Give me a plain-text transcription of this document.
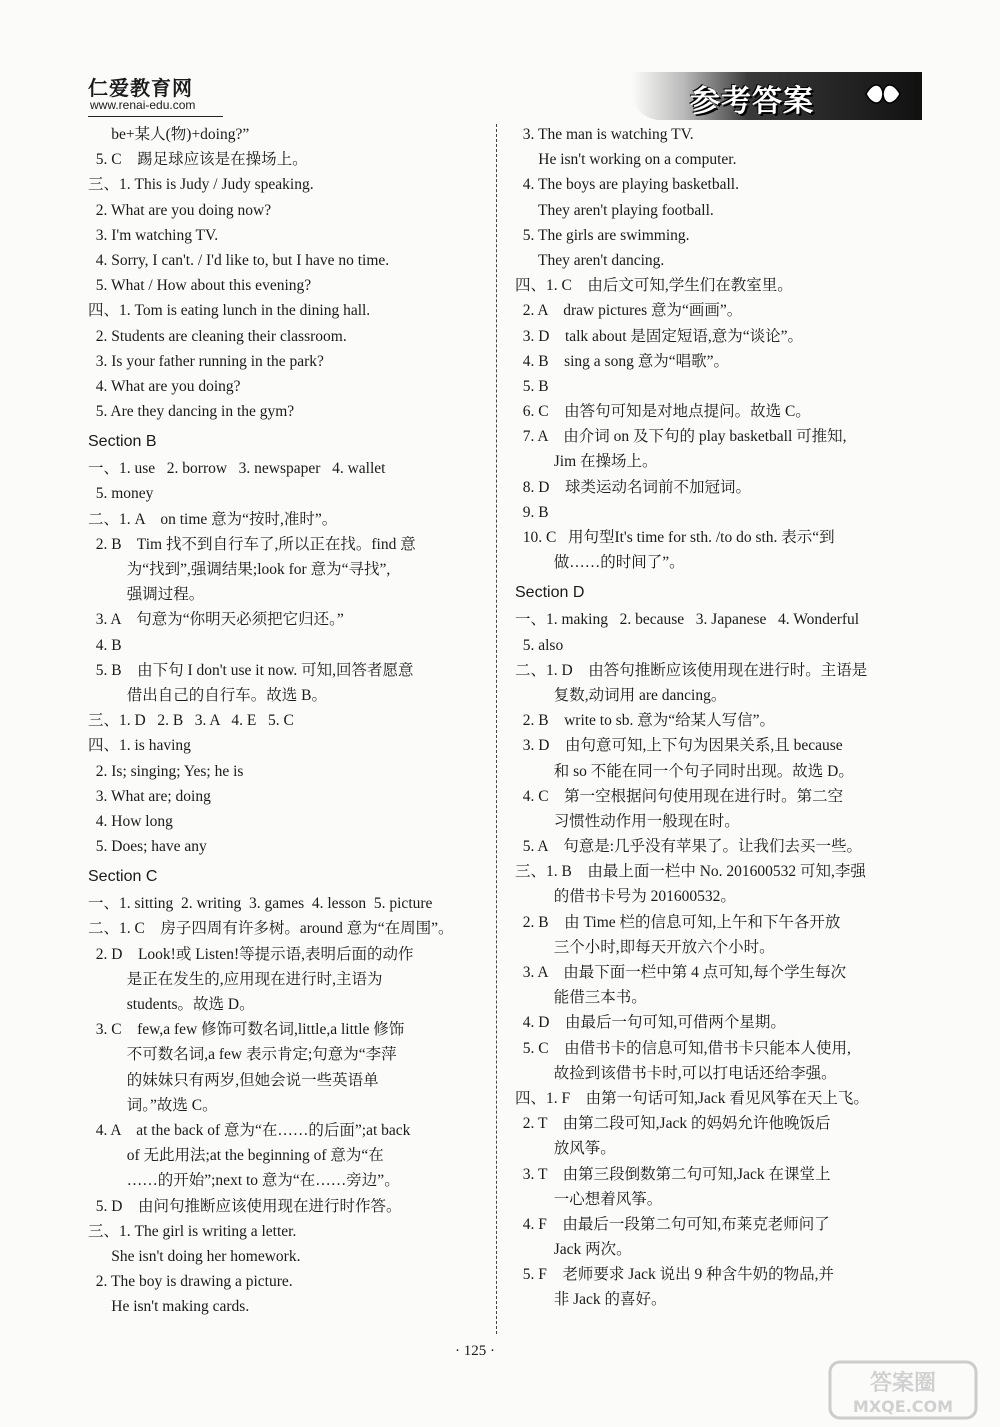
仁爱教育网
www.renai-edu.com	参考答案
be+某人(物)+doing?”
5. C    踢足球应该是在操场上。
三、1. This is Judy / Judy speaking.
2. What are you doing now?
3. I'm watching TV.
4. Sorry, I can't. / I'd like to, but I have no time.
5. What / How about this evening?
四、1. Tom is eating lunch in the dining hall.
2. Students are cleaning their classroom.
3. Is your father running in the park?
4. What are you doing?
5. Are they dancing in the gym?
Section B
一、1. use   2. borrow   3. newspaper   4. wallet
5. money
二、1. A    on time 意为“按时,准时”。
2. B    Tim 找不到自行车了,所以正在找。find 意
为“找到”,强调结果;look for 意为“寻找”,
强调过程。
3. A    句意为“你明天必须把它归还。”
4. B
5. B    由下句 I don't use it now. 可知,回答者愿意
借出自己的自行车。故选 B。
三、1. D   2. B   3. A   4. E   5. C
四、1. is having
2. Is; singing; Yes; he is
3. What are; doing
4. How long
5. Does; have any
Section C
一、1. sitting  2. writing  3. games  4. lesson  5. picture
二、1. C    房子四周有许多树。around 意为“在周围”。
2. D    Look!或 Listen!等提示语,表明后面的动作
是正在发生的,应用现在进行时,主语为
students。故选 D。
3. C    few,a few 修饰可数名词,little,a little 修饰
不可数名词,a few 表示肯定;句意为“李萍
的妹妹只有两岁,但她会说一些英语单
词。”故选 C。
4. A    at the back of 意为“在……的后面”;at back
of 无此用法;at the beginning of 意为“在
……的开始”;next to 意为“在……旁边”。
5. D    由问句推断应该使用现在进行时作答。
三、1. The girl is writing a letter.
She isn't doing her homework.
2. The boy is drawing a picture.
He isn't making cards.
3. The man is watching TV.
He isn't working on a computer.
4. The boys are playing basketball.
They aren't playing football.
5. The girls are swimming.
They aren't dancing.
四、1. C    由后文可知,学生们在教室里。
2. A    draw pictures 意为“画画”。
3. D    talk about 是固定短语,意为“谈论”。
4. B    sing a song 意为“唱歌”。
5. B
6. C    由答句可知是对地点提问。故选 C。
7. A    由介词 on 及下句的 play basketball 可推知,
Jim 在操场上。
8. D    球类运动名词前不加冠词。
9. B
10. C   用句型It's time for sth. /to do sth. 表示“到
做……的时间了”。
Section D
一、1. making   2. because   3. Japanese   4. Wonderful
5. also
二、1. D    由答句推断应该使用现在进行时。主语是
复数,动词用 are dancing。
2. B    write to sb. 意为“给某人写信”。
3. D    由句意可知,上下句为因果关系,且 because
和 so 不能在同一个句子同时出现。故选 D。
4. C    第一空根据问句使用现在进行时。第二空
习惯性动作用一般现在时。
5. A    句意是:几乎没有苹果了。让我们去买一些。
三、1. B    由最上面一栏中 No. 201600532 可知,李强
的借书卡号为 201600532。
2. B    由 Time 栏的信息可知,上午和下午各开放
三个小时,即每天开放六个小时。
3. A    由最下面一栏中第 4 点可知,每个学生每次
能借三本书。
4. D    由最后一句可知,可借两个星期。
5. C    由借书卡的信息可知,借书卡只能本人使用,
故捡到该借书卡时,可以打电话还给李强。
四、1. F    由第一句话可知,Jack 看见风筝在天上飞。
2. T    由第二段可知,Jack 的妈妈允许他晚饭后
放风筝。
3. T    由第三段倒数第二句可知,Jack 在课堂上
一心想着风筝。
4. F    由最后一段第二句可知,布莱克老师问了
Jack 两次。
5. F    老师要求 Jack 说出 9 种含牛奶的物品,并
非 Jack 的喜好。
· 125 ·
答案圈
MXQE.COM
